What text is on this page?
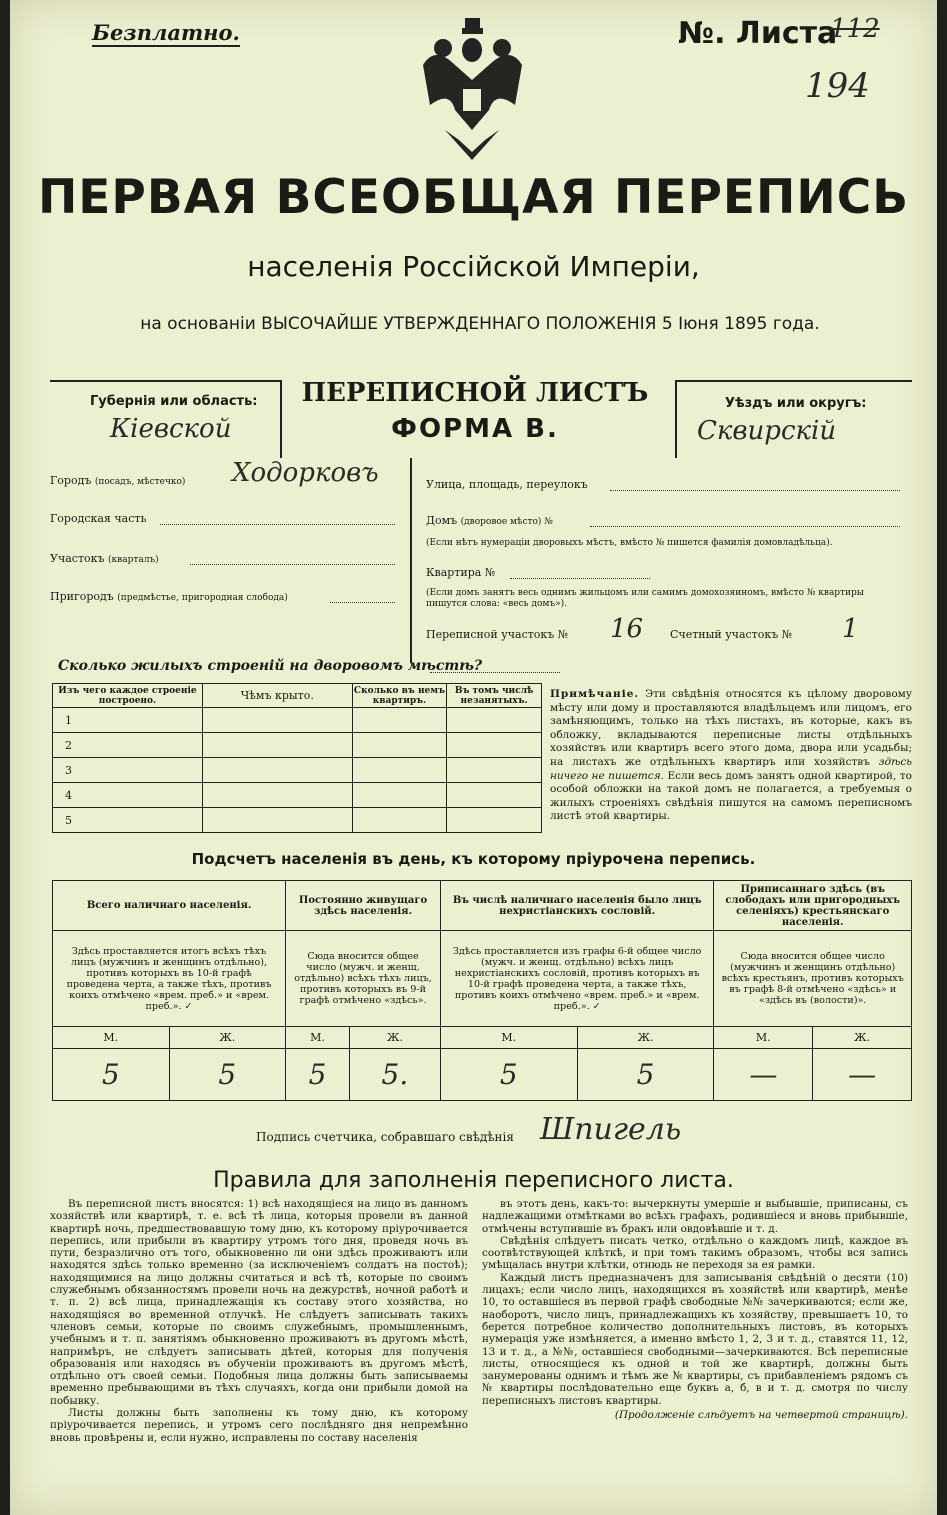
Безплатно.	№. Листа
112
194
ПЕРВАЯ ВСЕОБЩАЯ ПЕРЕПИСЬ
населенія Россійской Имперіи,
на основаніи ВЫСОЧАЙШЕ УТВЕРЖДЕННАГО ПОЛОЖЕНІЯ 5 Іюня 1895 года.
Губернія или область:
Кіевской
ПЕРЕПИСНОЙ ЛИСТЪ
ФОРМА В.
Уѣздъ или округъ:
Сквирскій
Городъ (посадъ, мѣстечко) Ходорковъ
Городская часть
Участокъ (кварталъ)
Пригородъ (предмѣстье, пригородная слобода)
Улица, площадь, переулокъ
Домъ (дворовое мѣсто) №
(Если нѣтъ нумераціи дворовыхъ мѣстъ, вмѣсто № пишется фамилія домовладѣльца).
Квартира №
(Если домъ занятъ весь однимъ жильцомъ или самимъ домохозяиномъ, вмѣсто № квартиры пишутся слова: «весь домъ»).
Переписной участокъ № 16 Счетный участокъ № 1
Сколько жилыхъ строеній на дворовомъ мѣстѣ?
Изъ чего каждое строеніе построено.	Чѣмъ крыто.	Сколько въ немъ квартиръ.	Въ томъ числѣ незанятыхъ.
1			
2			
3			
4			
5			
Примѣчаніе. Эти свѣдѣнія относятся къ цѣлому дворовому мѣсту или дому и проставляются владѣльцемъ или лицомъ, его замѣняющимъ, только на тѣхъ листахъ, въ которые, какъ въ обложку, вкладываются переписные листы отдѣльныхъ хозяйствъ или квартиръ всего этого дома, двора или усадьбы; на листахъ же отдѣльныхъ квартиръ или хозяйствъ здѣсь ничего не пишется. Если весь домъ занятъ одной квартирой, то особой обложки на такой домъ не полагается, а требуемыя о жилыхъ строеніяхъ свѣдѣнія пишутся на самомъ переписномъ листѣ этой квартиры.
Подсчетъ населенія въ день, къ которому пріурочена перепись.
Всего наличнаго населенія.		Постоянно живущаго здѣсь населенія.		Въ числѣ наличнаго населенія было лицъ нехристіанскихъ сословій.		Приписаннаго здѣсь (въ слободахъ или пригородныхъ селеніяхъ) крестьянскаго населенія.	
Здѣсь проставляется итогъ всѣхъ тѣхъ лицъ (мужчинъ и женщинъ отдѣльно), противъ которыхъ въ 10-й графѣ проведена черта, а также тѣхъ, противъ коихъ отмѣчено «врем. преб.» и «врем. преб.». ✓		Сюда вносится общее число (мужч. и женщ. отдѣльно) всѣхъ тѣхъ лицъ, противъ которыхъ въ 9-й графѣ отмѣчено «здѣсь».		Здѣсь проставляется изъ графы 6-й общее число (мужч. и женщ. отдѣльно) всѣхъ лицъ нехристіанскихъ сословій, противъ которыхъ въ 10-й графѣ проведена черта, а также тѣхъ, противъ коихъ отмѣчено «врем. преб.» и «врем. преб.». ✓		Сюда вносится общее число (мужчинъ и женщинъ отдѣльно) всѣхъ крестьянъ, противъ которыхъ въ графѣ 8-й отмѣчено «здѣсь» и «здѣсь въ (волости)».	
М.	Ж.	М.	Ж.	М.	Ж.	М.	Ж.
5	5	5	5.	5	5	—	—
Подпись счетчика, собравшаго свѣдѣнія Шпигель
Правила для заполненія переписного листа.

Въ переписной листъ вносятся: 1) всѣ находящіеся на лицо въ данномъ хозяйствѣ или квартирѣ, т. е. всѣ тѣ лица, которыя провели въ данной квартирѣ ночь, предшествовавшую тому дню, къ которому пріурочивается перепись, или прибыли въ квартиру утромъ того дня, проведя ночь въ пути, безразлично отъ того, обыкновенно ли они здѣсь проживаютъ или находятся здѣсь только временно (за исключеніемъ солдатъ на постоѣ); находящимися на лицо должны считаться и всѣ тѣ, которые по своимъ служебнымъ обязанностямъ провели ночь на дежурствѣ, ночной работѣ и т. п. 2) всѣ лица, принадлежащія къ составу этого хозяйства, но находящіяся во временной отлучкѣ. Не слѣдуетъ записывать такихъ членовъ семьи, которые по своимъ служебнымъ, промышленнымъ, учебнымъ и т. п. занятіямъ обыкновенно проживаютъ въ другомъ мѣстѣ, напримѣръ, не слѣдуетъ записывать дѣтей, которыя для полученія образованія или находясь въ обученіи проживаютъ въ другомъ мѣстѣ, отдѣльно отъ своей семьи. Подобныя лица должны быть записываемы временно пребывающими въ тѣхъ случаяхъ, когда они прибыли домой на побывку.

Листы должны быть заполнены къ тому дню, къ которому пріурочивается перепись, и утромъ сего послѣдняго дня непремѣнно вновь провѣрены и, если нужно, исправлены по составу населенія

въ этотъ день, какъ-то: вычеркнуты умершіе и выбывшіе, приписаны, съ надлежащими отмѣтками во всѣхъ графахъ, родившіеся и вновь прибывшіе, отмѣчены вступившіе въ бракъ или овдовѣвшіе и т. д.

Свѣдѣнія слѣдуетъ писать четко, отдѣльно о каждомъ лицѣ, каждое въ соотвѣтствующей клѣткѣ, и при томъ такимъ образомъ, чтобы вся запись умѣщалась внутри клѣтки, отнюдь не переходя за ея рамки.

Каждый листъ предназначенъ для записыванія свѣдѣній о десяти (10) лицахъ; если число лицъ, находящихся въ хозяйствѣ или квартирѣ, менѣе 10, то оставшіеся въ первой графѣ свободные №№ зачеркиваются; если же, наоборотъ, число лицъ, принадлежащихъ къ хозяйству, превышаетъ 10, то берется потребное количество дополнительныхъ листовъ, въ которыхъ нумерація уже измѣняется, а именно вмѣсто 1, 2, 3 и т. д., ставятся 11, 12, 13 и т. д., а №№, оставшіеся свободными—зачеркиваются. Всѣ переписные листы, относящіеся къ одной и той же квартирѣ, должны быть занумерованы однимъ и тѣмъ же № квартиры, съ прибавленіемъ рядомъ съ № квартиры послѣдовательно еще буквъ а, б, в и т. д. смотря по числу переписныхъ листовъ квартиры.

(Продолженіе слѣдуетъ на четвертой страницѣ).
